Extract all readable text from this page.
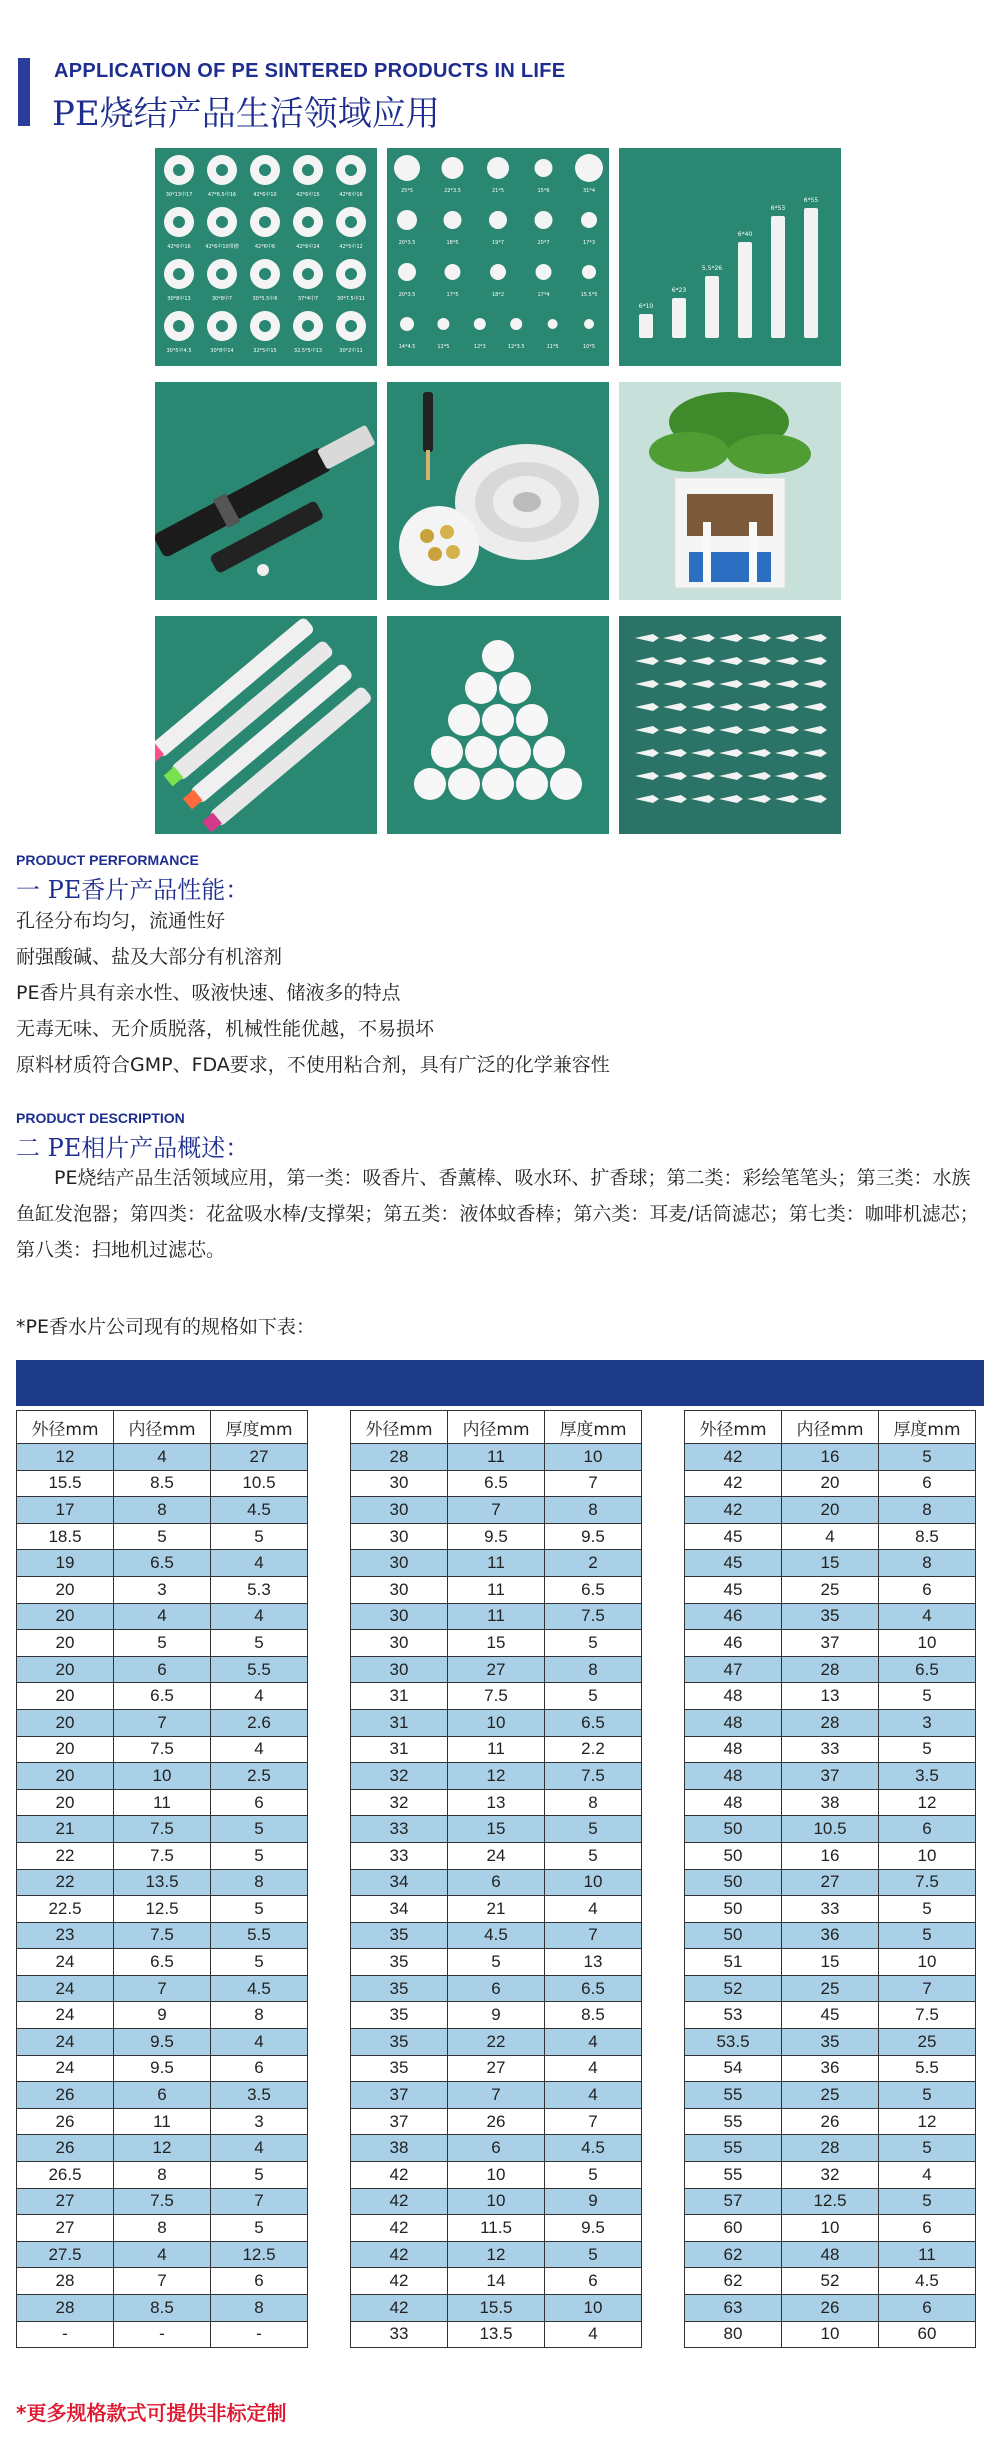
APPLICATION OF PE SINTERED PRODUCTS IN LIFE
PE烧结产品生活领域应用
30*13中17	47*6.5中16	42*6中10	42*6中15	42*6中16
42*6中16	42*6中10带槽	42*6中6	42*6中24	42*5中12
30*8中13	30*8中7	30*5.5中6	37*4中7	30*7.5中11
30*5中4.5	30*8中14	32*5中15	32.5*5中13	30*2中11
25*5	22*3.5	21*5	15*6	31*4
20*3.5	18*5	19*7	20*7	17*3
20*3.5	17*5	18*2	17*4	15.5*5
14*4.5	12*5	12*3	12*3.5	11*5	10*5
6*10
6*23
5.5*26
6*40
6*53
6*55
PRODUCT PERFORMANCE
一 PE香片产品性能：
孔径分布均匀，流通性好
耐强酸碱、盐及大部分有机溶剂
PE香片具有亲水性、吸液快速、储液多的特点
无毒无味、无介质脱落，机械性能优越，不易损坏
原料材质符合GMP、FDA要求，不使用粘合剂，具有广泛的化学兼容性
PRODUCT DESCRIPTION
二 PE相片产品概述：
PE烧结产品生活领域应用，第一类：吸香片、香薰棒、吸水环、扩香球；第二类：彩绘笔笔头；第三类：水族鱼缸发泡器；第四类：花盆吸水棒/支撑架；第五类：液体蚊香棒；第六类：耳麦/话筒滤芯；第七类：咖啡机滤芯；第八类：扫地机过滤芯。
*PE香水片公司现有的规格如下表：
外径mm	内径mm	厚度mm
12	4	27
15.5	8.5	10.5
17	8	4.5
18.5	5	5
19	6.5	4
20	3	5.3
20	4	4
20	5	5
20	6	5.5
20	6.5	4
20	7	2.6
20	7.5	4
20	10	2.5
20	11	6
21	7.5	5
22	7.5	5
22	13.5	8
22.5	12.5	5
23	7.5	5.5
24	6.5	5
24	7	4.5
24	9	8
24	9.5	4
24	9.5	6
26	6	3.5
26	11	3
26	12	4
26.5	8	5
27	7.5	7
27	8	5
27.5	4	12.5
28	7	6
28	8.5	8
-	-	-
外径mm	内径mm	厚度mm
28	11	10
30	6.5	7
30	7	8
30	9.5	9.5
30	11	2
30	11	6.5
30	11	7.5
30	15	5
30	27	8
31	7.5	5
31	10	6.5
31	11	2.2
32	12	7.5
32	13	8
33	15	5
33	24	5
34	6	10
34	21	4
35	4.5	7
35	5	13
35	6	6.5
35	9	8.5
35	22	4
35	27	4
37	7	4
37	26	7
38	6	4.5
42	10	5
42	10	9
42	11.5	9.5
42	12	5
42	14	6
42	15.5	10
33	13.5	4
外径mm	内径mm	厚度mm
42	16	5
42	20	6
42	20	8
45	4	8.5
45	15	8
45	25	6
46	35	4
46	37	10
47	28	6.5
48	13	5
48	28	3
48	33	5
48	37	3.5
48	38	12
50	10.5	6
50	16	10
50	27	7.5
50	33	5
50	36	5
51	15	10
52	25	7
53	45	7.5
53.5	35	25
54	36	5.5
55	25	5
55	26	12
55	28	5
55	32	4
57	12.5	5
60	10	6
62	48	11
62	52	4.5
63	26	6
80	10	60
*更多规格款式可提供非标定制
